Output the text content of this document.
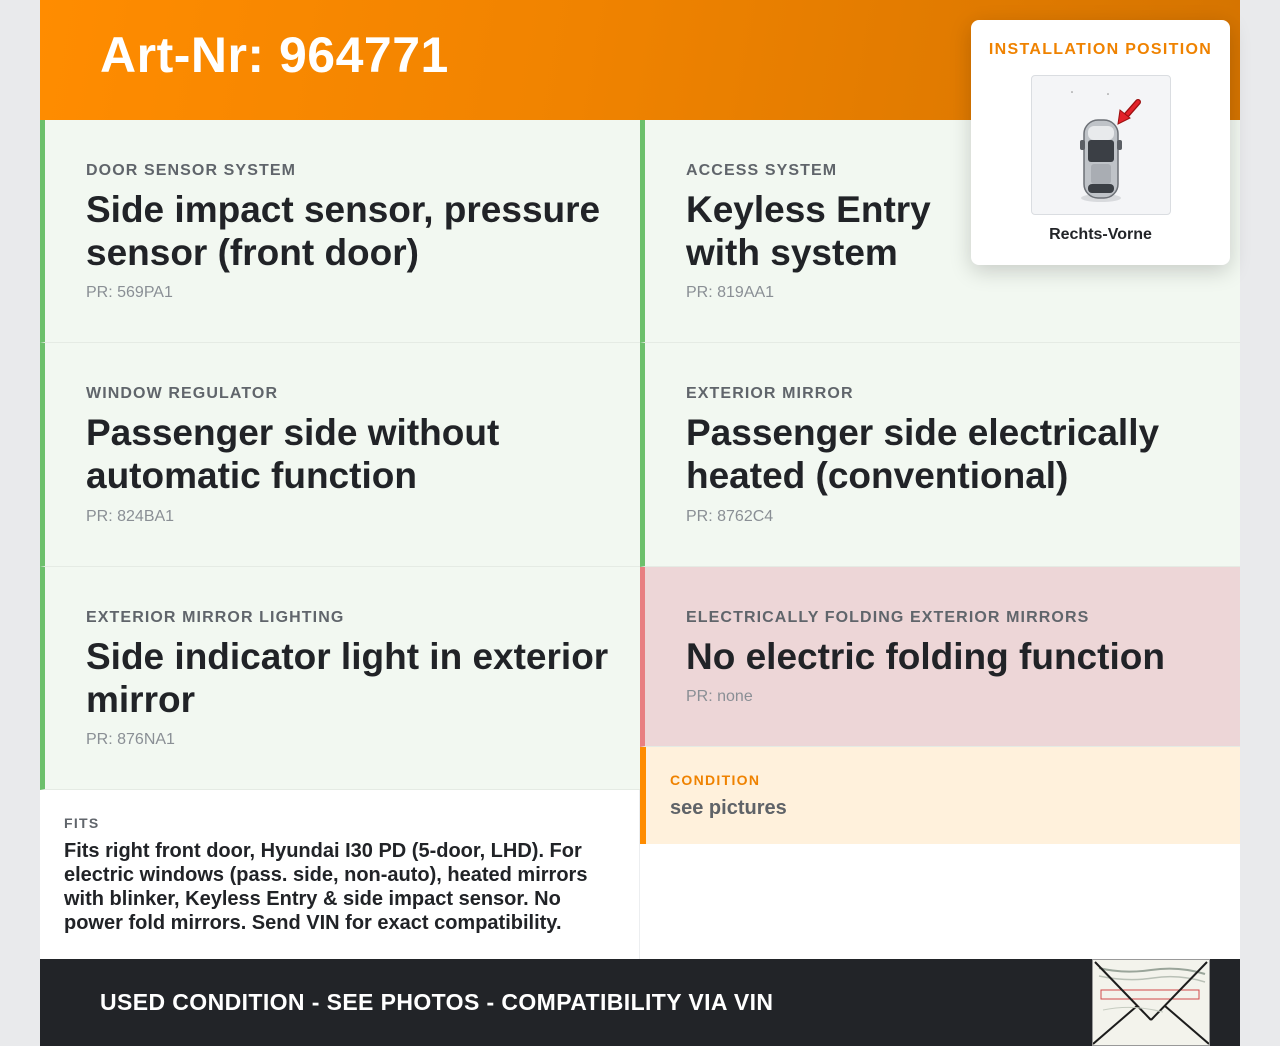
Art-Nr: 964771
DOOR SENSOR SYSTEM
Side impact sensor, pressure sensor (front door)
PR: 569PA1
ACCESS SYSTEM
Keyless Entry with system
PR: 819AA1
WINDOW REGULATOR
Passenger side without automatic function
PR: 824BA1
EXTERIOR MIRROR
Passenger side electrically heated (conventional)
PR: 8762C4
EXTERIOR MIRROR LIGHTING
Side indicator light in exterior mirror
PR: 876NA1
ELECTRICALLY FOLDING EXTERIOR MIRRORS
No electric folding function
PR: none
CONDITION
see pictures
FITS
Fits right front door, Hyundai I30 PD (5-door, LHD). For electric windows (pass. side, non-auto), heated mirrors with blinker, Keyless Entry & side impact sensor. No power fold mirrors. Send VIN for exact compatibility.
USED CONDITION - SEE PHOTOS - COMPATIBILITY VIA VIN
INSTALLATION POSITION
Rechts-Vorne
